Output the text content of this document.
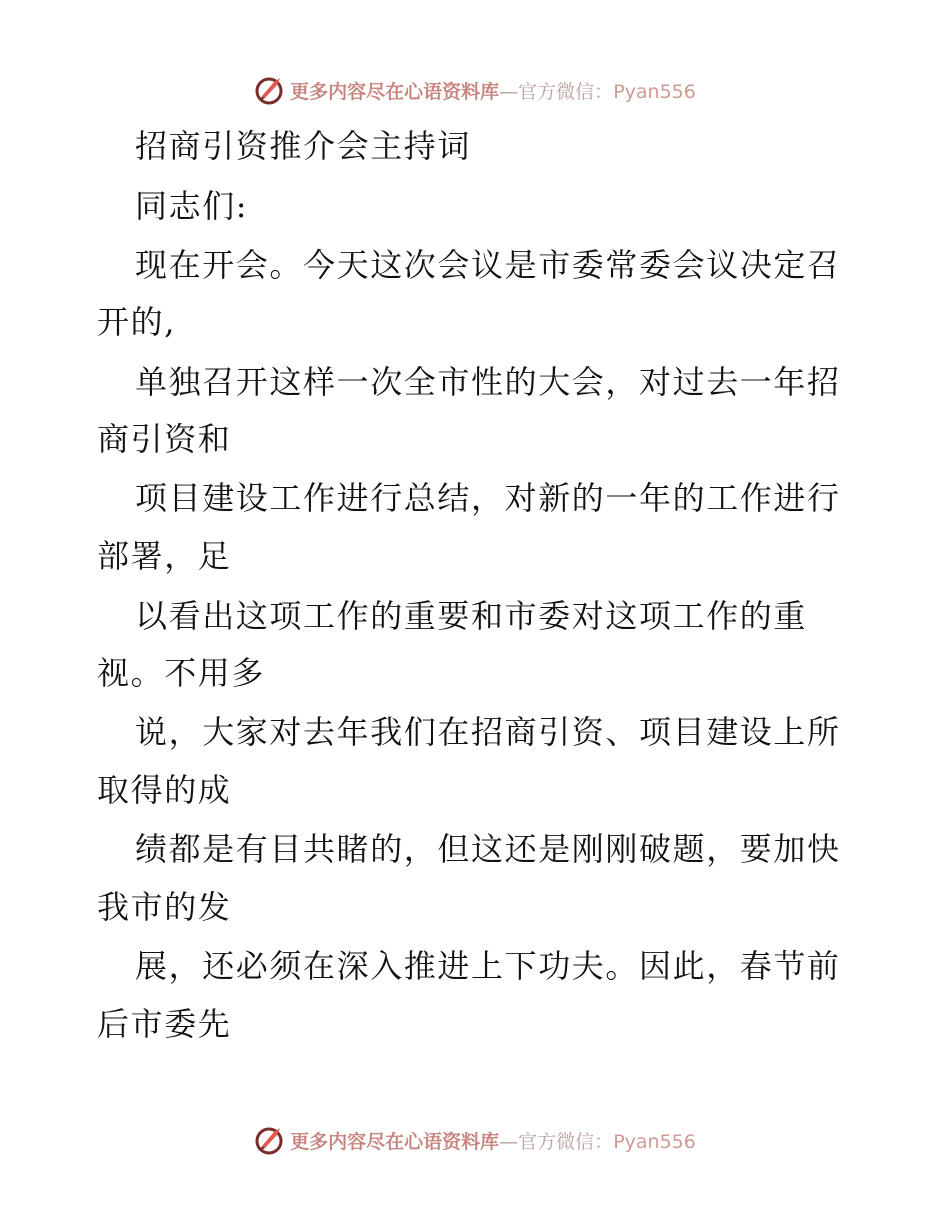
更多内容尽在心语资料库—官方微信：Pyan556
招商引资推介会主持词
同志们:
现在开会。今天这次会议是市委常委会议决定召
开的,
单独召开这样一次全市性的大会，对过去一年招
商引资和
项目建设工作进行总结，对新的一年的工作进行
部署，足
以看出这项工作的重要和市委对这项工作的重
视。不用多
说，大家对去年我们在招商引资、项目建设上所
取得的成
绩都是有目共睹的，但这还是刚刚破题，要加快
我市的发
展，还必须在深入推进上下功夫。因此，春节前
后市委先
更多内容尽在心语资料库—官方微信：Pyan556
